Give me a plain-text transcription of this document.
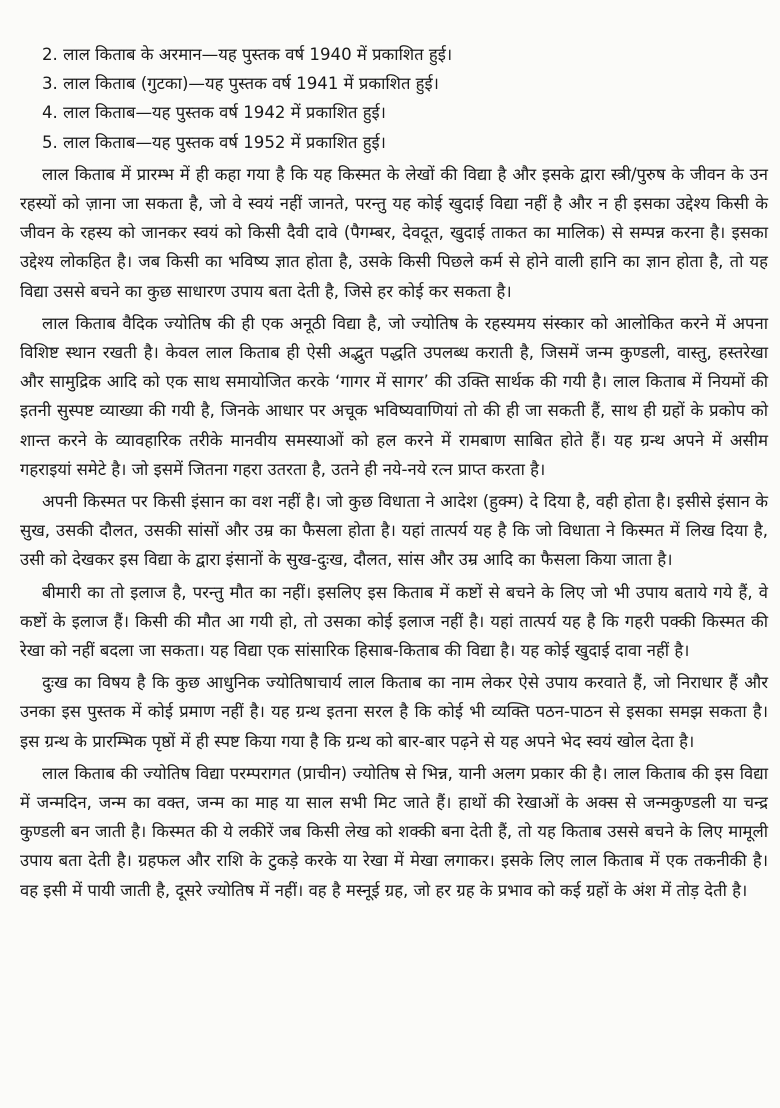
2. लाल किताब के अरमान—यह पुस्तक वर्ष 1940 में प्रकाशित हुई।

3. लाल किताब (गुटका)—यह पुस्तक वर्ष 1941 में प्रकाशित हुई।

4. लाल किताब—यह पुस्तक वर्ष 1942 में प्रकाशित हुई।

5. लाल किताब—यह पुस्तक वर्ष 1952 में प्रकाशित हुई।

लाल किताब में प्रारम्भ में ही कहा गया है कि यह किस्मत के लेखों की विद्या है और इसके द्वारा स्त्री/पुरुष के जीवन के उन रहस्यों को ज़ाना जा सकता है, जो वे स्वयं नहीं जानते, परन्तु यह कोई खुदाई विद्या नहीं है और न ही इसका उद्देश्य किसी के जीवन के रहस्य को जानकर स्वयं को किसी दैवी दावे (पैगम्बर, देवदूत, खुदाई ताकत का मालिक) से सम्पन्न करना है। इसका उद्देश्य लोकहित है। जब किसी का भविष्य ज्ञात होता है, उसके किसी पिछले कर्म से होने वाली हानि का ज्ञान होता है, तो यह विद्या उससे बचने का कुछ साधारण उपाय बता देती है, जिसे हर कोई कर सकता है।

लाल किताब वैदिक ज्योतिष की ही एक अनूठी विद्या है, जो ज्योतिष के रहस्यमय संस्कार को आलोकित करने में अपना विशिष्ट स्थान रखती है। केवल लाल किताब ही ऐसी अद्भुत पद्धति उपलब्ध कराती है, जिसमें जन्म कुण्डली, वास्तु, हस्तरेखा और सामुद्रिक आदि को एक साथ समायोजित करके ‘गागर में सागर’ की उक्ति सार्थक की गयी है। लाल किताब में नियमों की इतनी सुस्पष्ट व्याख्या की गयी है, जिनके आधार पर अचूक भविष्यवाणियां तो की ही जा सकती हैं, साथ ही ग्रहों के प्रकोप को शान्त करने के व्यावहारिक तरीके मानवीय समस्याओं को हल करने में रामबाण साबित होते हैं। यह ग्रन्थ अपने में असीम गहराइयां समेटे है। जो इसमें जितना गहरा उतरता है, उतने ही नये-नये रत्न प्राप्त करता है।

अपनी किस्मत पर किसी इंसान का वश नहीं है। जो कुछ विधाता ने आदेश (हुक्म) दे दिया है, वही होता है। इसीसे इंसान के सुख, उसकी दौलत, उसकी सांसों और उम्र का फैसला होता है। यहां तात्पर्य यह है कि जो विधाता ने किस्मत में लिख दिया है, उसी को देखकर इस विद्या के द्वारा इंसानों के सुख-दुःख, दौलत, सांस और उम्र आदि का फैसला किया जाता है।

बीमारी का तो इलाज है, परन्तु मौत का नहीं। इसलिए इस किताब में कष्टों से बचने के लिए जो भी उपाय बताये गये हैं, वे कष्टों के इलाज हैं। किसी की मौत आ गयी हो, तो उसका कोई इलाज नहीं है। यहां तात्पर्य यह है कि गहरी पक्की किस्मत की रेखा को नहीं बदला जा सकता। यह विद्या एक सांसारिक हिसाब-किताब की विद्या है। यह कोई खुदाई दावा नहीं है।

दुःख का विषय है कि कुछ आधुनिक ज्योतिषाचार्य लाल किताब का नाम लेकर ऐसे उपाय करवाते हैं, जो निराधार हैं और उनका इस पुस्तक में कोई प्रमाण नहीं है। यह ग्रन्थ इतना सरल है कि कोई भी व्यक्ति पठन-पाठन से इसका समझ सकता है। इस ग्रन्थ के प्रारम्भिक पृष्ठों में ही स्पष्ट किया गया है कि ग्रन्थ को बार-बार पढ़ने से यह अपने भेद स्वयं खोल देता है।

लाल किताब की ज्योतिष विद्या परम्परागत (प्राचीन) ज्योतिष से भिन्न, यानी अलग प्रकार की है। लाल किताब की इस विद्या में जन्मदिन, जन्म का वक्त, जन्म का माह या साल सभी मिट जाते हैं। हाथों की रेखाओं के अक्स से जन्मकुण्डली या चन्द्र कुण्डली बन जाती है। किस्मत की ये लकीरें जब किसी लेख को शक्की बना देती हैं, तो यह किताब उससे बचने के लिए मामूली उपाय बता देती है। ग्रहफल और राशि के टुकड़े करके या रेखा में मेखा लगाकर। इसके लिए लाल किताब में एक तकनीकी है। वह इसी में पायी जाती है, दूसरे ज्योतिष में नहीं। वह है मस्नूई ग्रह, जो हर ग्रह के प्रभाव को कई ग्रहों के अंश में तोड़ देती है।
